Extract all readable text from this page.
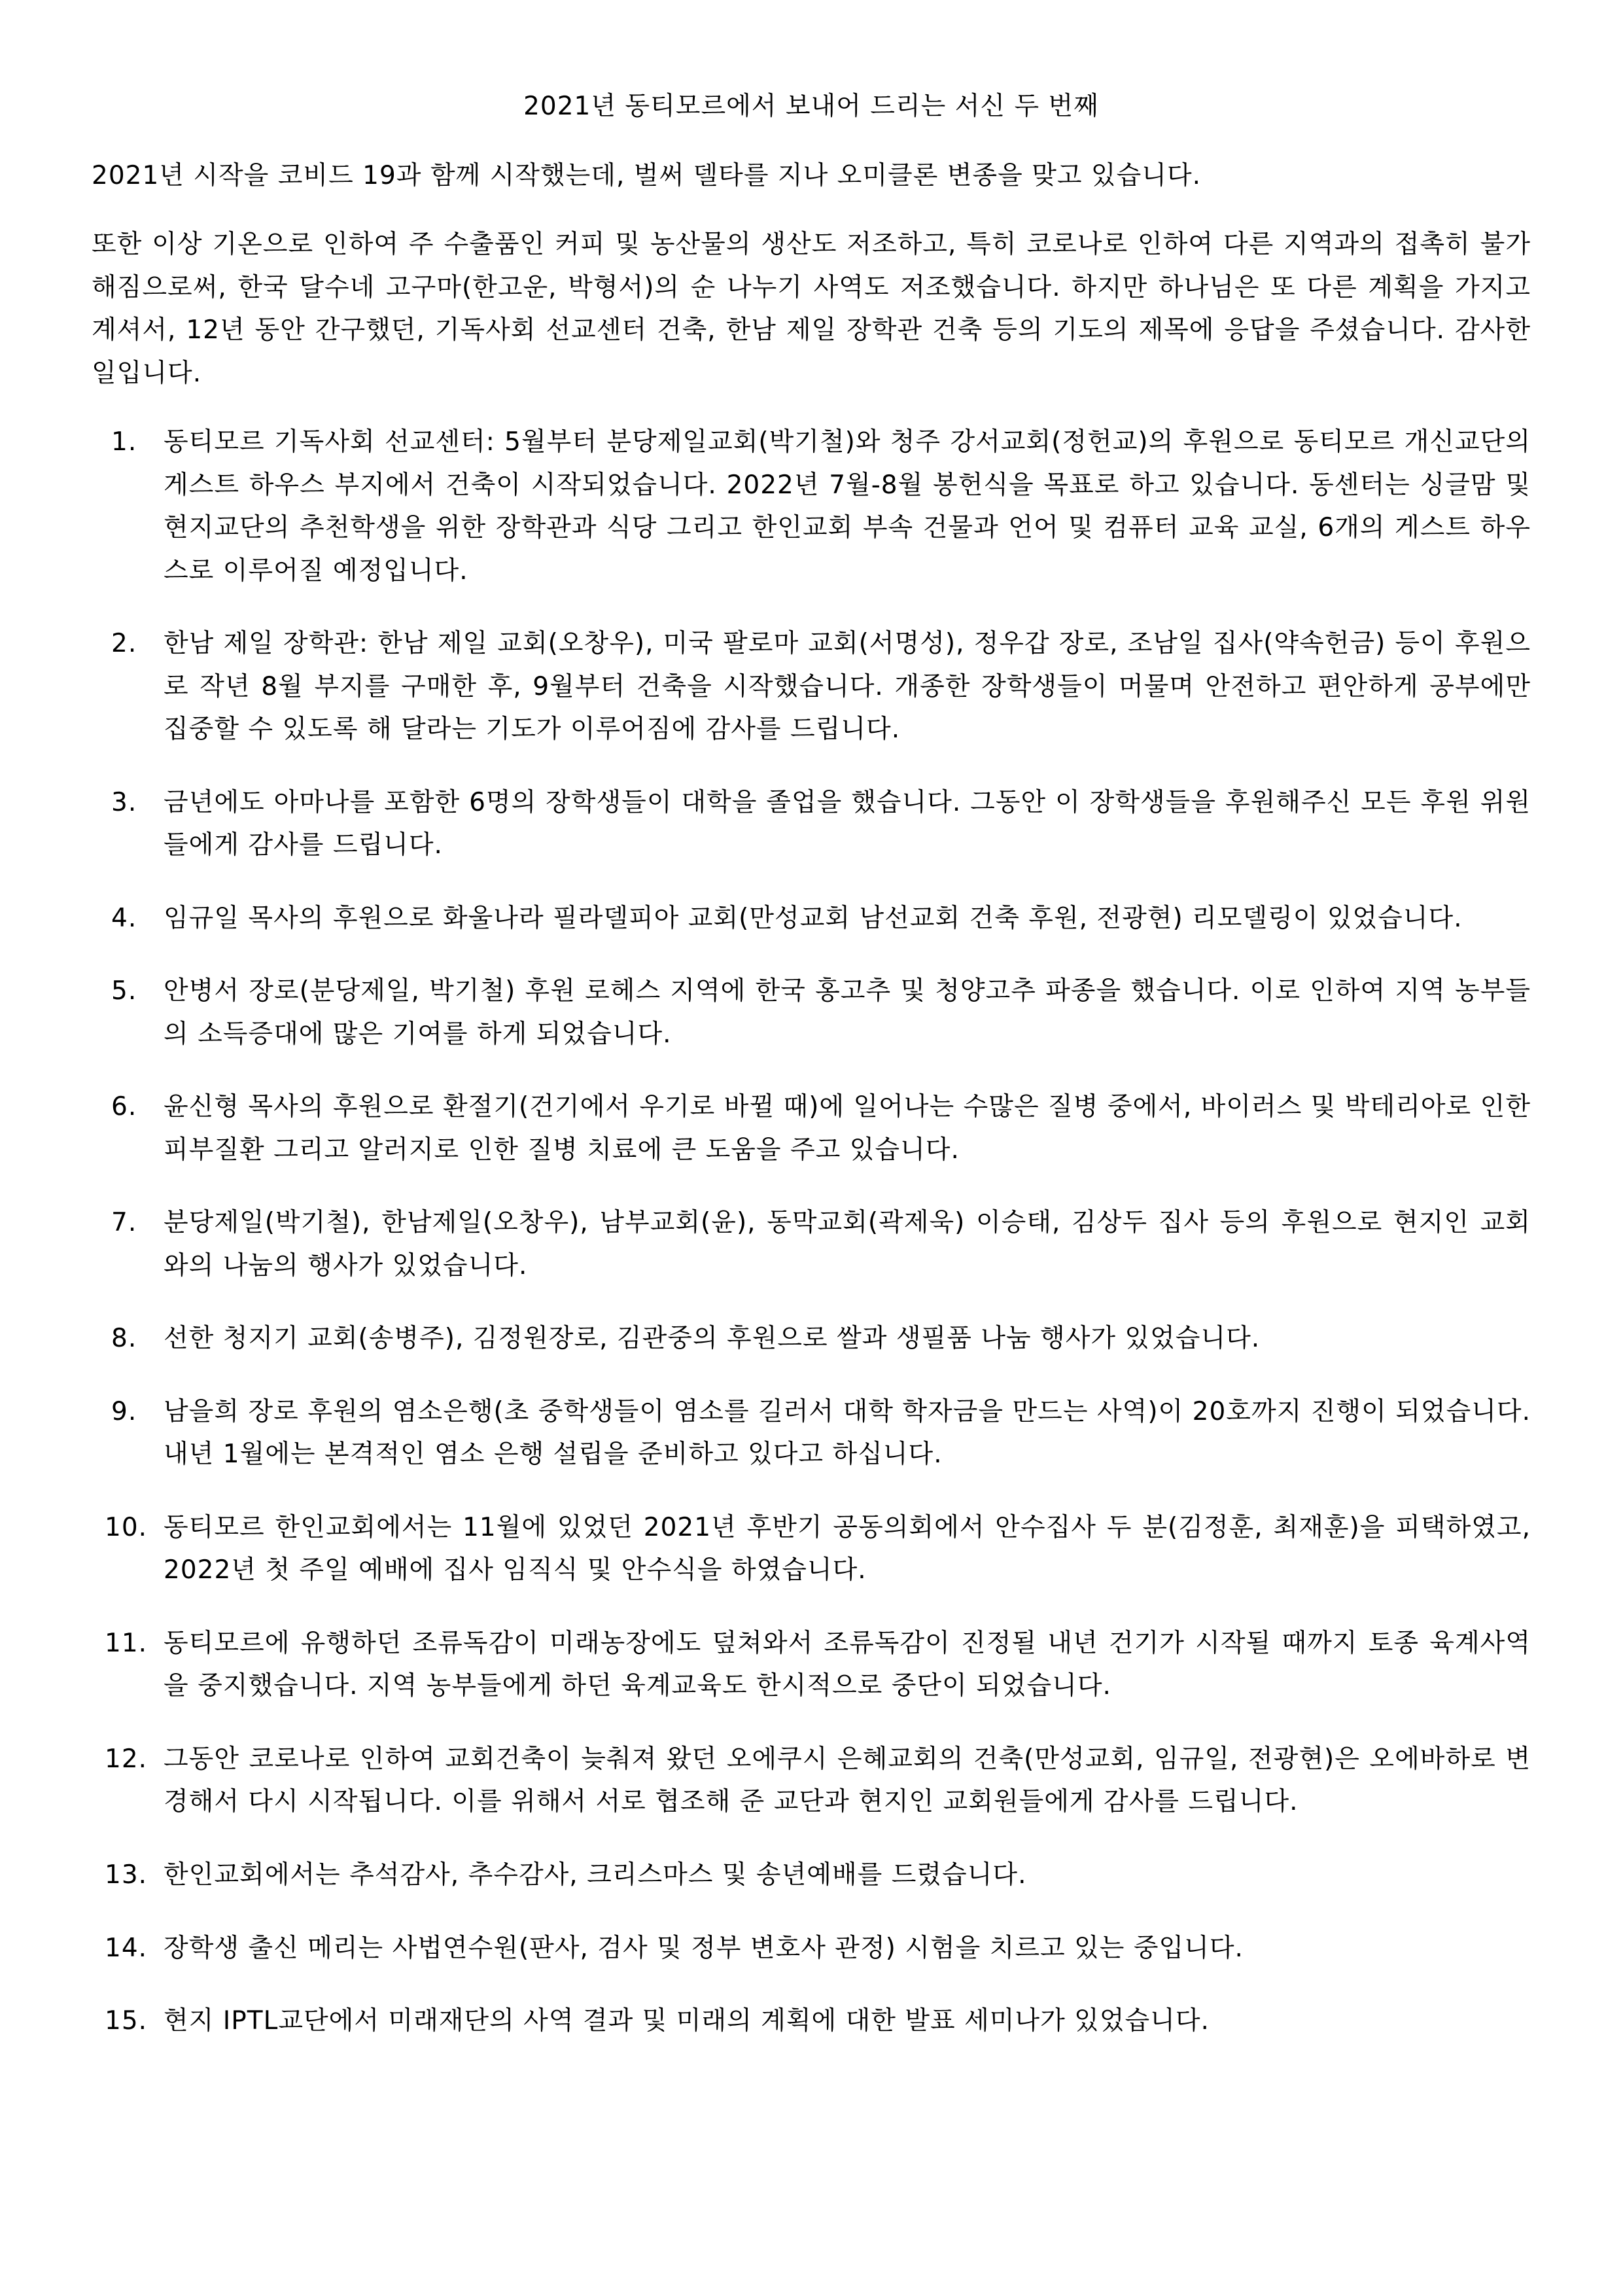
2021년 동티모르에서 보내어 드리는 서신 두 번째

2021년 시작을 코비드 19과 함께 시작했는데, 벌써 델타를 지나 오미클론 변종을 맞고 있습니다.

또한 이상 기온으로 인하여 주 수출품인 커피 및 농산물의 생산도 저조하고, 특히 코로나로 인하여 다른 지역과의 접촉히 불가해짐으로써, 한국 달수네 고구마(한고운, 박형서)의 순 나누기 사역도 저조했습니다. 하지만 하나님은 또 다른 계획을 가지고 계셔서, 12년 동안 간구했던, 기독사회 선교센터 건축, 한남 제일 장학관 건축 등의 기도의 제목에 응답을 주셨습니다. 감사한 일입니다.

1.	동티모르 기독사회 선교센터: 5월부터 분당제일교회(박기철)와 청주 강서교회(정헌교)의 후원으로 동티모르 개신교단의 게스트 하우스 부지에서 건축이 시작되었습니다. 2022년 7월-8월 봉헌식을 목표로 하고 있습니다. 동센터는 싱글맘 및 현지교단의 추천학생을 위한 장학관과 식당 그리고 한인교회 부속 건물과 언어 및 컴퓨터 교육 교실, 6개의 게스트 하우스로 이루어질 예정입니다.
2.	한남 제일 장학관: 한남 제일 교회(오창우), 미국 팔로마 교회(서명성), 정우갑 장로, 조남일 집사(약속헌금) 등이 후원으로 작년 8월 부지를 구매한 후, 9월부터 건축을 시작했습니다. 개종한 장학생들이 머물며 안전하고 편안하게 공부에만 집중할 수 있도록 해 달라는 기도가 이루어짐에 감사를 드립니다.
3.	금년에도 아마나를 포함한 6명의 장학생들이 대학을 졸업을 했습니다. 그동안 이 장학생들을 후원해주신 모든 후원 위원들에게 감사를 드립니다.
4.	임규일 목사의 후원으로 화울나라 필라델피아 교회(만성교회 남선교회 건축 후원, 전광현) 리모델링이 있었습니다.
5.	안병서 장로(분당제일, 박기철) 후원 로헤스 지역에 한국 홍고추 및 청양고추 파종을 했습니다. 이로 인하여 지역 농부들의 소득증대에 많은 기여를 하게 되었습니다.
6.	윤신형 목사의 후원으로 환절기(건기에서 우기로 바뀔 때)에 일어나는 수많은 질병 중에서, 바이러스 및 박테리아로 인한 피부질환 그리고 알러지로 인한 질병 치료에 큰 도움을 주고 있습니다.
7.	분당제일(박기철), 한남제일(오창우), 남부교회(윤), 동막교회(곽제욱) 이승태, 김상두 집사 등의 후원으로 현지인 교회와의 나눔의 행사가 있었습니다.
8.	선한 청지기 교회(송병주), 김정원장로, 김관중의 후원으로 쌀과 생필품 나눔 행사가 있었습니다.
9.	남을희 장로 후원의 염소은행(초 중학생들이 염소를 길러서 대학 학자금을 만드는 사역)이 20호까지 진행이 되었습니다. 내년 1월에는 본격적인 염소 은행 설립을 준비하고 있다고 하십니다.
10. 동티모르 한인교회에서는 11월에 있었던 2021년 후반기 공동의회에서 안수집사 두 분(김정훈, 최재훈)을 피택하였고, 2022년 첫 주일 예배에 집사 임직식 및 안수식을 하였습니다.
11. 동티모르에 유행하던 조류독감이 미래농장에도 덮쳐와서 조류독감이 진정될 내년 건기가 시작될 때까지 토종 육계사역을 중지했습니다. 지역 농부들에게 하던 육계교육도 한시적으로 중단이 되었습니다.
12. 그동안 코로나로 인하여 교회건축이 늦춰져 왔던 오에쿠시 은혜교회의 건축(만성교회, 임규일, 전광현)은 오에바하로 변경해서 다시 시작됩니다. 이를 위해서 서로 협조해 준 교단과 현지인 교회원들에게 감사를 드립니다.
13. 한인교회에서는 추석감사, 추수감사, 크리스마스 및 송년예배를 드렸습니다.
14. 장학생 출신 메리는 사법연수원(판사, 검사 및 정부 변호사 관정) 시험을 치르고 있는 중입니다.
15. 현지 IPTL교단에서 미래재단의 사역 결과 및 미래의 계획에 대한 발표 세미나가 있었습니다.
